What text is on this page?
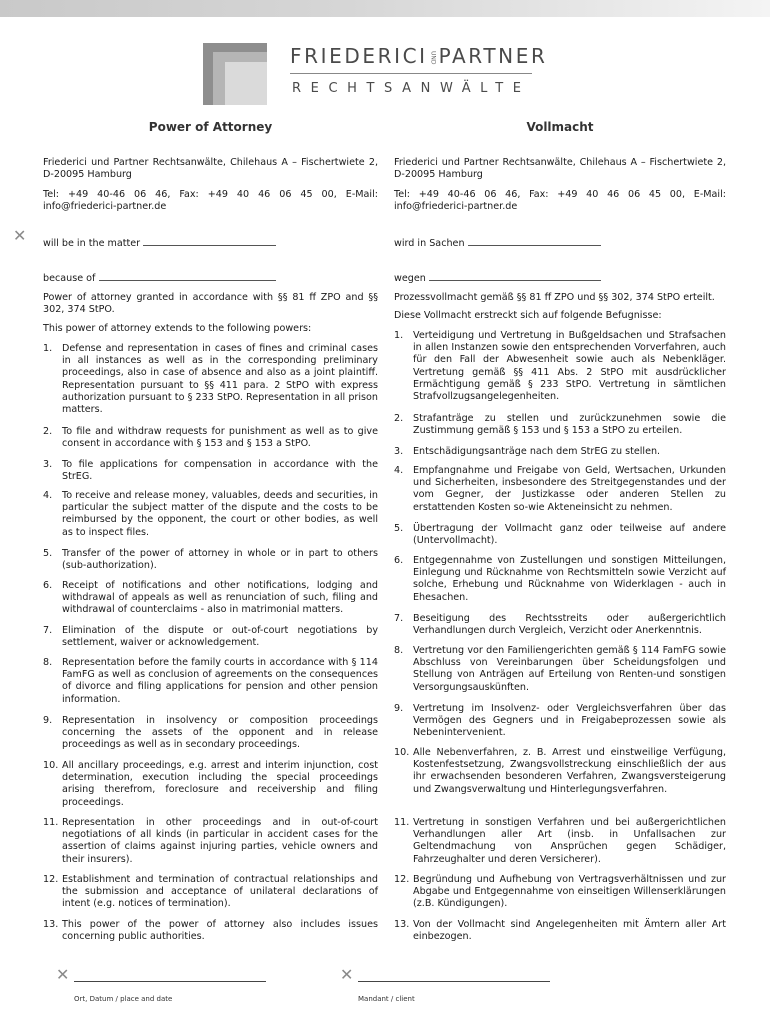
FRIEDERICI UND PARTNER
RECHTSANWÄLTE
Power of Attorney	Vollmacht
Friederici und Partner Rechtsanwälte, Chilehaus A – Fischertwiete 2, D-20095 Hamburg
Tel: +49 40-46 06 46, Fax: +49 40 46 06 45 00, E-Mail: info@friederici-partner.de
will be in the matter
because of
Power of attorney granted in accordance with §§ 81 ff ZPO and §§ 302, 374 StPO.
This power of attorney extends to the following powers:
1. Defense and representation in cases of fines and criminal cases in all instances as well as in the corresponding preliminary proceedings, also in case of absence and also as a joint plaintiff. Representation pursuant to §§ 411 para. 2 StPO with express authorization pursuant to § 233 StPO. Representation in all prison matters.
2. To file and withdraw requests for punishment as well as to give consent in accordance with § 153 and § 153 a StPO.
3. To file applications for compensation in accordance with the StrEG.
4. To receive and release money, valuables, deeds and securities, in particular the subject matter of the dispute and the costs to be reimbursed by the opponent, the court or other bodies, as well as to inspect files.
5. Transfer of the power of attorney in whole or in part to others (sub-authorization).
6. Receipt of notifications and other notifications, lodging and withdrawal of appeals as well as renunciation of such, filing and withdrawal of counterclaims - also in matrimonial matters.
7. Elimination of the dispute or out-of-court negotiations by settlement, waiver or acknowledgement.
8. Representation before the family courts in accordance with § 114 FamFG as well as conclusion of agreements on the consequences of divorce and filing applications for pension and other pension information.
9. Representation in insolvency or composition proceedings concerning the assets of the opponent and in release proceedings as well as in secondary proceedings.
10. All ancillary proceedings, e.g. arrest and interim injunction, cost determination, execution including the special proceedings arising therefrom, foreclosure and receivership and filing proceedings.
11. Representation in other proceedings and in out-of-court negotiations of all kinds (in particular in accident cases for the assertion of claims against injuring parties, vehicle owners and their insurers).
12. Establishment and termination of contractual relationships and the submission and acceptance of unilateral declarations of intent (e.g. notices of termination).
13. This power of the power of attorney also includes issues concerning public authorities.
Friederici und Partner Rechtsanwälte, Chilehaus A – Fischertwiete 2, D-20095 Hamburg
Tel: +49 40-46 06 46, Fax: +49 40 46 06 45 00, E-Mail: info@friederici-partner.de
wird in Sachen
wegen
Prozessvollmacht gemäß §§ 81 ff ZPO und §§ 302, 374 StPO erteilt.
Diese Vollmacht erstreckt sich auf folgende Befugnisse:
1. Verteidigung und Vertretung in Bußgeldsachen und Strafsachen in allen Instanzen sowie den entsprechenden Vorverfahren, auch für den Fall der Abwesenheit sowie auch als Nebenkläger. Vertretung gemäß §§ 411 Abs. 2 StPO mit ausdrücklicher Ermächtigung gemäß § 233 StPO. Vertretung in sämtlichen Strafvollzugsangelegenheiten.
2. Strafanträge zu stellen und zurückzunehmen sowie die Zustimmung gemäß § 153 und § 153 a StPO zu erteilen.
3. Entschädigungsanträge nach dem StrEG zu stellen.
4. Empfangnahme und Freigabe von Geld, Wertsachen, Urkunden und Sicherheiten, insbesondere des Streitgegenstandes und der vom Gegner, der Justizkasse oder anderen Stellen zu erstattenden Kosten so-wie Akteneinsicht zu nehmen.
5. Übertragung der Vollmacht ganz oder teilweise auf andere (Untervollmacht).
6. Entgegennahme von Zustellungen und sonstigen Mitteilungen, Einlegung und Rücknahme von Rechtsmitteln sowie Verzicht auf solche, Erhebung und Rücknahme von Widerklagen - auch in Ehesachen.
7. Beseitigung des Rechtsstreits oder außergerichtlich Verhandlungen durch Vergleich, Verzicht oder Anerkenntnis.
8. Vertretung vor den Familiengerichten gemäß § 114 FamFG sowie Abschluss von Vereinbarungen über Scheidungsfolgen und Stellung von Anträgen auf Erteilung von Renten-und sonstigen Versorgungsauskünften.
9. Vertretung im Insolvenz- oder Vergleichsverfahren über das Vermögen des Gegners und in Freigabeprozessen sowie als Nebenintervenient.
10. Alle Nebenverfahren, z. B. Arrest und einstweilige Verfügung, Kostenfestsetzung, Zwangsvollstreckung einschließlich der aus ihr erwachsenden besonderen Verfahren, Zwangsversteigerung und Zwangsverwaltung und Hinterlegungsverfahren.
11. Vertretung in sonstigen Verfahren und bei außergerichtlichen Verhandlungen aller Art (insb. in Unfallsachen zur Geltendmachung von Ansprüchen gegen Schädiger, Fahrzeughalter und deren Versicherer).
12. Begründung und Aufhebung von Vertragsverhältnissen und zur Abgabe und Entgegennahme von einseitigen Willenserklärungen (z.B. Kündigungen).
13. Von der Vollmacht sind Angelegenheiten mit Ämtern aller Art einbezogen.
✕
✕	✕
Ort, Datum / place and date	Mandant / client
